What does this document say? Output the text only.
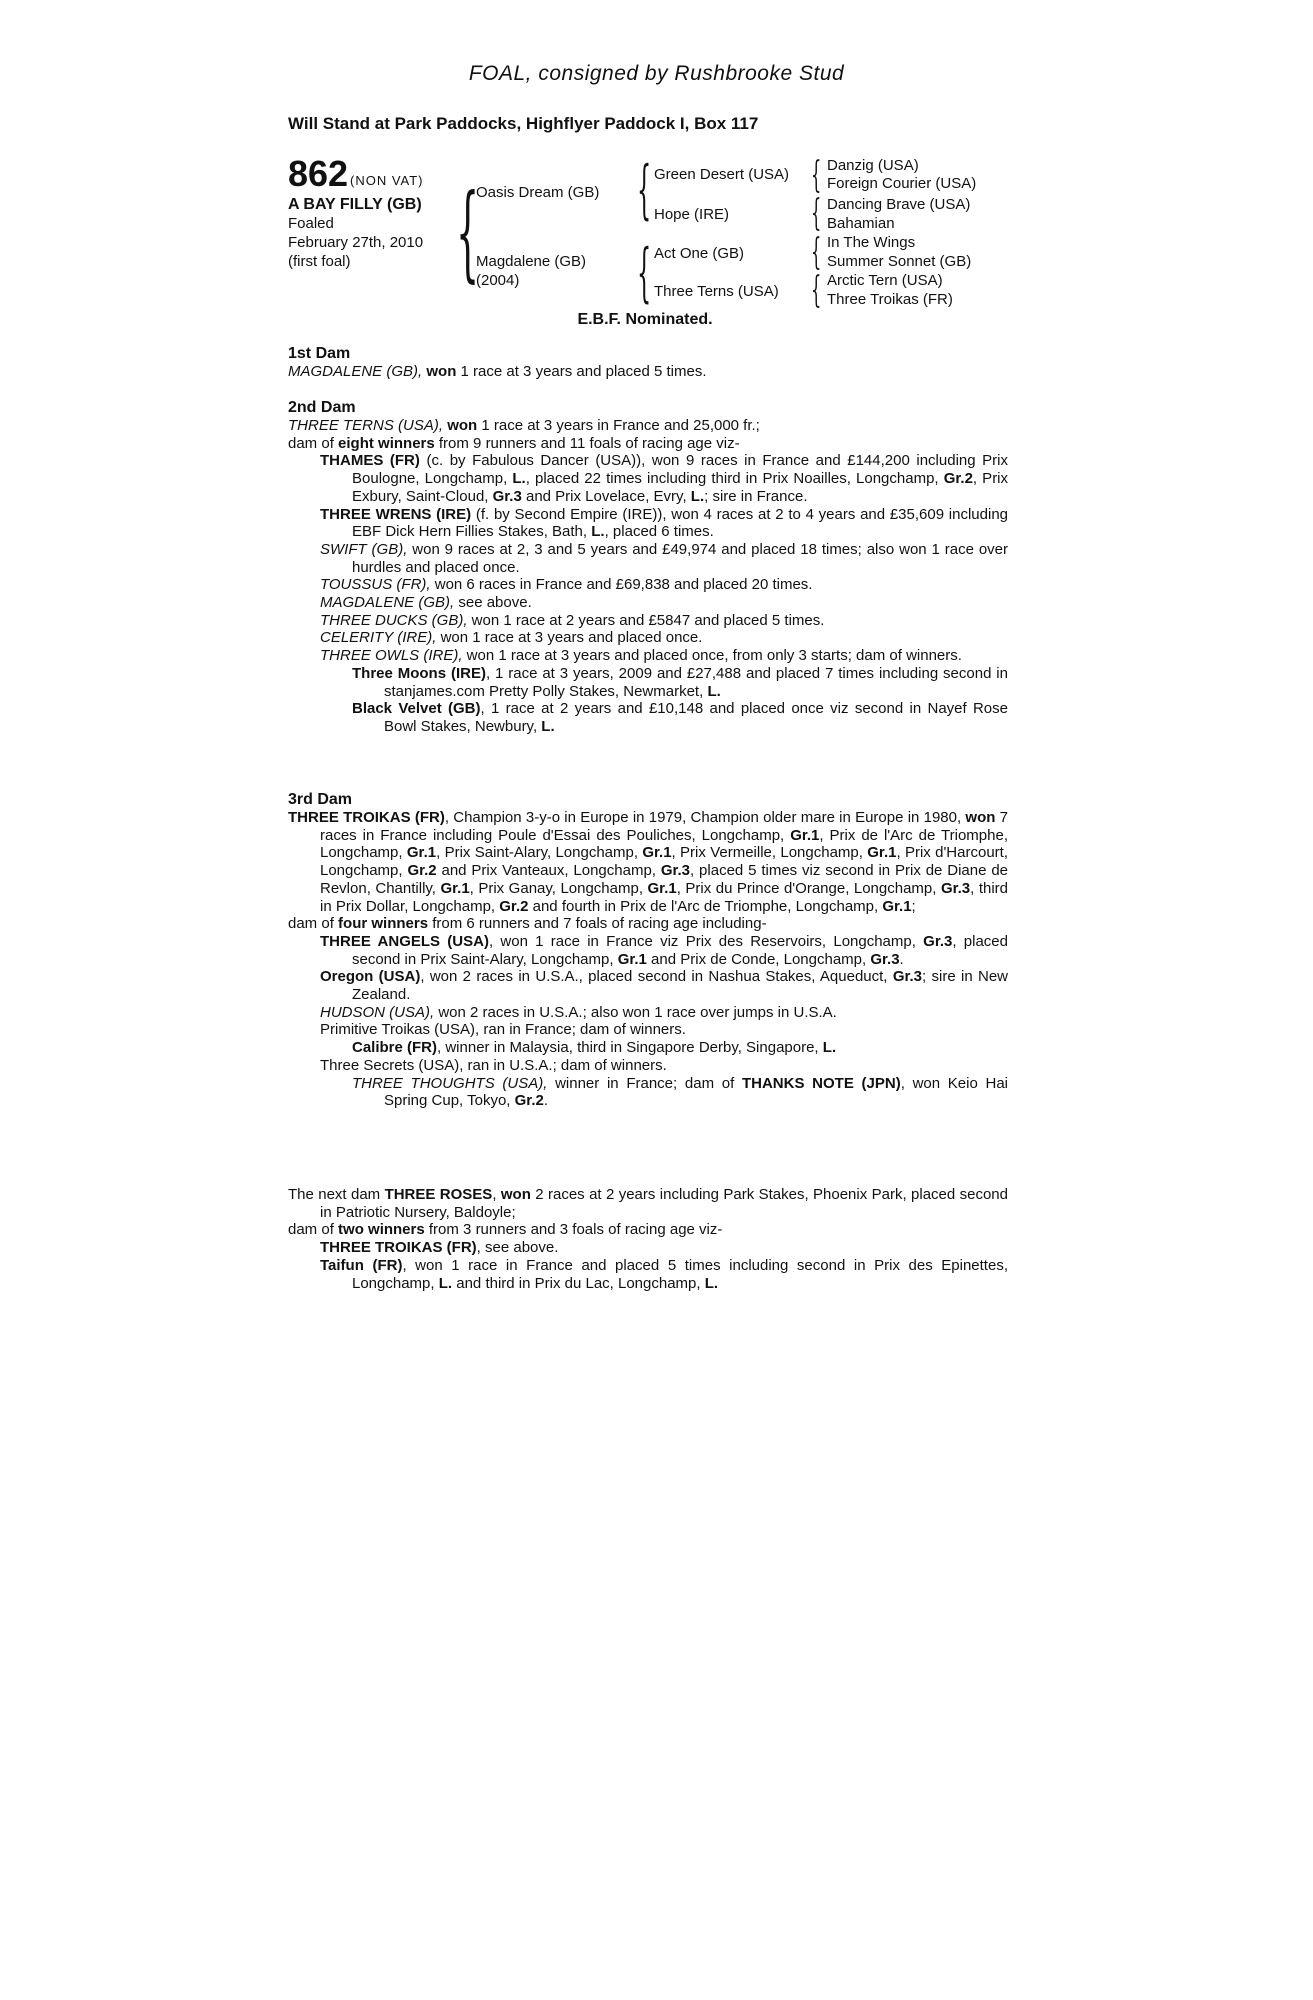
FOAL, consigned by Rushbrooke Stud
Will Stand at Park Paddocks, Highflyer Paddock I, Box 117
862 (NON VAT)
A BAY FILLY (GB)
Foaled
February 27th, 2010
(first foal) { {
{
{
{
{
{
Oasis Dream (GB)
Magdalene (GB)
(2004)
Green Desert (USA)
Hope (IRE)
Act One (GB)
Three Terns (USA)
Danzig (USA)
Foreign Courier (USA)
Dancing Brave (USA)
Bahamian
In The Wings
Summer Sonnet (GB)
Arctic Tern (USA)
Three Troikas (FR)
E.B.F. Nominated.
1st Dam

MAGDALENE (GB), won 1 race at 3 years and placed 5 times.

2nd Dam

THREE TERNS (USA), won 1 race at 3 years in France and 25,000 fr.;

dam of eight winners from 9 runners and 11 foals of racing age viz-

THAMES (FR) (c. by Fabulous Dancer (USA)), won 9 races in France and £144,200 including Prix Boulogne, Longchamp, L., placed 22 times including third in Prix Noailles, Longchamp, Gr.2, Prix Exbury, Saint-Cloud, Gr.3 and Prix Lovelace, Evry, L.; sire in France.

THREE WRENS (IRE) (f. by Second Empire (IRE)), won 4 races at 2 to 4 years and £35,609 including EBF Dick Hern Fillies Stakes, Bath, L., placed 6 times.

SWIFT (GB), won 9 races at 2, 3 and 5 years and £49,974 and placed 18 times; also won 1 race over hurdles and placed once.

TOUSSUS (FR), won 6 races in France and £69,838 and placed 20 times.

MAGDALENE (GB), see above.

THREE DUCKS (GB), won 1 race at 2 years and £5847 and placed 5 times.

CELERITY (IRE), won 1 race at 3 years and placed once.

THREE OWLS (IRE), won 1 race at 3 years and placed once, from only 3 starts; dam of winners.

Three Moons (IRE), 1 race at 3 years, 2009 and £27,488 and placed 7 times including second in stanjames.com Pretty Polly Stakes, Newmarket, L.

Black Velvet (GB), 1 race at 2 years and £10,148 and placed once viz second in Nayef Rose Bowl Stakes, Newbury, L.

3rd Dam

THREE TROIKAS (FR), Champion 3-y-o in Europe in 1979, Champion older mare in Europe in 1980, won 7 races in France including Poule d'Essai des Pouliches, Longchamp, Gr.1, Prix de l'Arc de Triomphe, Longchamp, Gr.1, Prix Saint-Alary, Longchamp, Gr.1, Prix Vermeille, Longchamp, Gr.1, Prix d'Harcourt, Longchamp, Gr.2 and Prix Vanteaux, Longchamp, Gr.3, placed 5 times viz second in Prix de Diane de Revlon, Chantilly, Gr.1, Prix Ganay, Longchamp, Gr.1, Prix du Prince d'Orange, Longchamp, Gr.3, third in Prix Dollar, Longchamp, Gr.2 and fourth in Prix de l'Arc de Triomphe, Longchamp, Gr.1;

dam of four winners from 6 runners and 7 foals of racing age including-

THREE ANGELS (USA), won 1 race in France viz Prix des Reservoirs, Longchamp, Gr.3, placed second in Prix Saint-Alary, Longchamp, Gr.1 and Prix de Conde, Longchamp, Gr.3.

Oregon (USA), won 2 races in U.S.A., placed second in Nashua Stakes, Aqueduct, Gr.3; sire in New Zealand.

HUDSON (USA), won 2 races in U.S.A.; also won 1 race over jumps in U.S.A.

Primitive Troikas (USA), ran in France; dam of winners.

Calibre (FR), winner in Malaysia, third in Singapore Derby, Singapore, L.

Three Secrets (USA), ran in U.S.A.; dam of winners.

THREE THOUGHTS (USA), winner in France; dam of THANKS NOTE (JPN), won Keio Hai Spring Cup, Tokyo, Gr.2.

The next dam THREE ROSES, won 2 races at 2 years including Park Stakes, Phoenix Park, placed second in Patriotic Nursery, Baldoyle;

dam of two winners from 3 runners and 3 foals of racing age viz-

THREE TROIKAS (FR), see above.

Taifun (FR), won 1 race in France and placed 5 times including second in Prix des Epinettes, Longchamp, L. and third in Prix du Lac, Longchamp, L.
